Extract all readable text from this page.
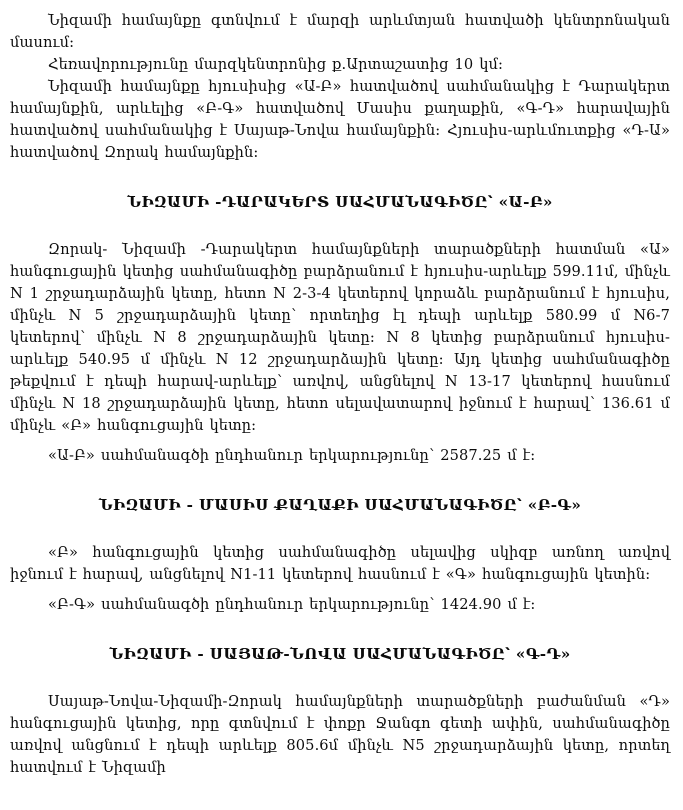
Նիզամի համայնքը գտնվում է մարզի արևմտյան հատվածի կենտրոնական մասում։

Հեռավորությունը մարզկենտրոնից ք.Արտաշատից 10 կմ։

Նիզամի համայնքը հյուսիսից «Ա-Բ» հատվածով սահմանակից է Դարակերտ համայնքին, արևելից «Բ-Գ» հատվածով Մասիս քաղաքին, «Գ-Դ» հարավային հատվածով սահմանակից է Սայաթ-Նովա համայնքին։ Հյուսիս-արևմուտքից «Դ-Ա» հատվածով Զորակ համայնքին։

ՆԻԶԱՄԻ -ԴԱՐԱԿԵՐՏ ՍԱՀՄԱՆԱԳԻԾԸ՝ «Ա-Բ»

Զորակ- Նիզամի -Դարակերտ համայնքների տարածքների հատման «Ա» հանգուցային կետից սահմանագիծը բարձրանում է հյուսիս-արևելք 599.11մ, մինչև N 1 շրջադարձային կետը, հետո N 2-3-4 կետերով կորաձև բարձրանում է հյուսիս, մինչև N 5 շրջադարձային կետը՝ որտեղից էլ դեպի արևելք 580.99 մ N6-7 կետերով՝ մինչև N 8 շրջադարձային կետը։ N 8 կետից բարձրանում հյուսիս-արևելք 540.95 մ մինչև N 12 շրջադարձային կետը։ Այդ կետից սահմանագիծը թեքվում է դեպի հարավ-արևելք՝ առվով, անցնելով N 13-17 կետերով հասնում մինչև N 18 շրջադարձային կետը, հետո սելավատարով իջնում է հարավ՝ 136.61 մ մինչև «Բ» հանգուցային կետը։

«Ա-Բ» սահմանագծի ընդհանուր երկարությունը՝ 2587.25 մ է։

ՆԻԶԱՄԻ - ՄԱՍԻՍ ՔԱՂԱՔԻ ՍԱՀՄԱՆԱԳԻԾԸ՝ «Բ-Գ»

«Բ» հանգուցային կետից սահմանագիծը սելավից սկիզբ առնող առվով իջնում է հարավ, անցնելով N1-11 կետերով հասնում է «Գ» հանգուցային կետին։

«Բ-Գ» սահմանագծի ընդհանուր երկարությունը՝ 1424.90 մ է։

ՆԻԶԱՄԻ - ՍԱՅԱԹ-ՆՈՎԱ ՍԱՀՄԱՆԱԳԻԾԸ՝ «Գ-Դ»

Սայաթ-Նովա-Նիզամի-Զորակ համայնքների տարածքների բաժանման «Դ» հանգուցային կետից, որը գտնվում է փոքր Ջանգո գետի ափին, սահմանագիծը առվով անցնում է դեպի արևելք 805.6մ մինչև N5 շրջադարձային կետը, որտեղ հատվում է Նիզամի
